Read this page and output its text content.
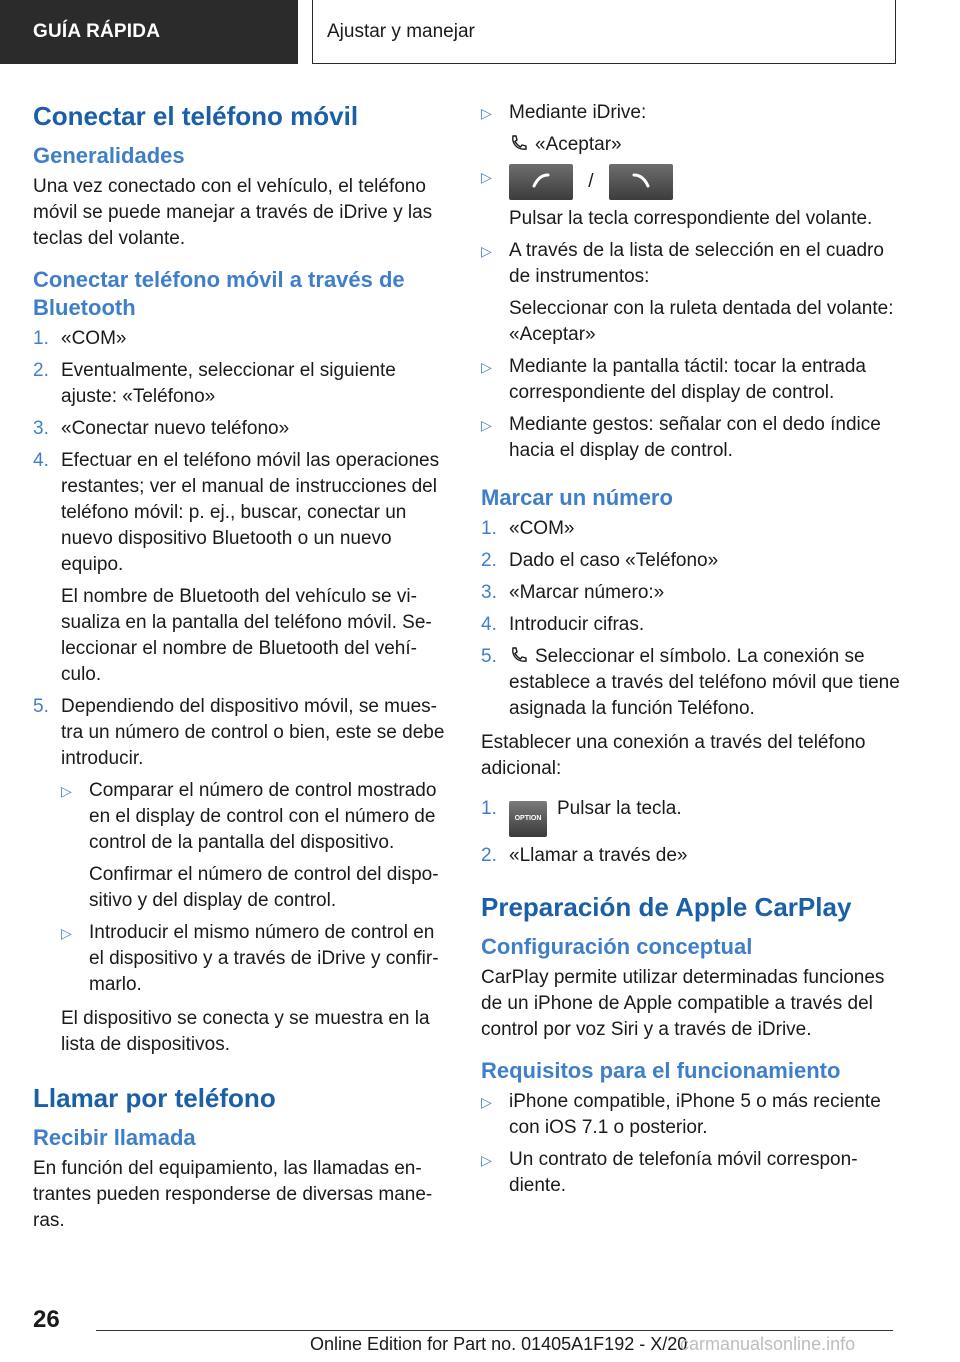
GUÍA RÁPIDA	Ajustar y manejar
Conectar el teléfono móvil
Generalidades
Una vez conectado con el vehículo, el teléfono móvil se puede manejar a través de iDrive y las teclas del volante.
Conectar teléfono móvil a través de Bluetooth
1. «COM»
2. Eventualmente, seleccionar el siguiente ajuste: «Teléfono»
3. «Conectar nuevo teléfono»
4. Efectuar en el teléfono móvil las operaciones restantes; ver el manual de instrucciones del teléfono móvil: p. ej., buscar, conectar un nuevo dispositivo Bluetooth o un nuevo equipo.
El nombre de Bluetooth del vehículo se visualiza en la pantalla del teléfono móvil. Seleccionar el nombre de Bluetooth del vehículo.
5. Dependiendo del dispositivo móvil, se muestra un número de control o bien, este se debe introducir.
▷ Comparar el número de control mostrado en el display de control con el número de control de la pantalla del dispositivo.
Confirmar el número de control del dispositivo y del display de control.
▷ Introducir el mismo número de control en el dispositivo y a través de iDrive y confirmarlo.
El dispositivo se conecta y se muestra en la lista de dispositivos.
Llamar por teléfono
Recibir llamada
En función del equipamiento, las llamadas entrantes pueden responderse de diversas maneras.
▷ Mediante iDrive:
«Aceptar»
▷	/
Pulsar la tecla correspondiente del volante.
▷ A través de la lista de selección en el cuadro de instrumentos:
Seleccionar con la ruleta dentada del volante: «Aceptar»
▷ Mediante la pantalla táctil: tocar la entrada correspondiente del display de control.
▷ Mediante gestos: señalar con el dedo índice hacia el display de control.
Marcar un número
1. «COM»
2. Dado el caso «Teléfono»
3. «Marcar número:»
4. Introducir cifras.
5. Seleccionar el símbolo. La conexión se establece a través del teléfono móvil que tiene asignada la función Teléfono.
Establecer una conexión a través del teléfono adicional:
1.	OPTION Pulsar la tecla.
2. «Llamar a través de»
Preparación de Apple CarPlay
Configuración conceptual
CarPlay permite utilizar determinadas funciones de un iPhone de Apple compatible a través del control por voz Siri y a través de iDrive.
Requisitos para el funcionamiento
▷ iPhone compatible, iPhone 5 o más reciente con iOS 7.1 o posterior.
▷ Un contrato de telefonía móvil correspondiente.
26
Online Edition for Part no. 01405A1F192 - X/20
carmanualsonline.info
